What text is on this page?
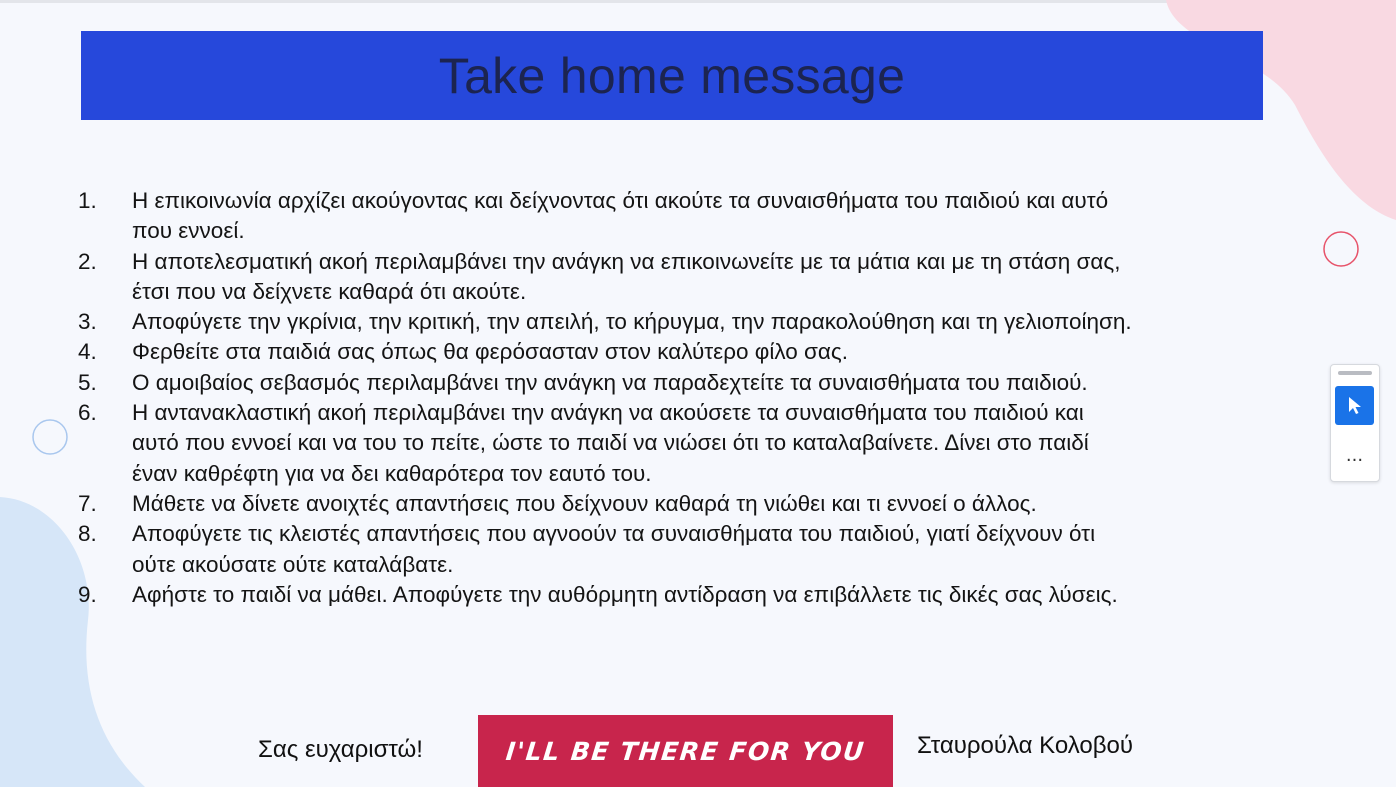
Take home message
1. Η επικοινωνία αρχίζει ακούγοντας και δείχνοντας ότι ακούτε τα συναισθήματα του παιδιού και αυτό
που εννοεί.
2. Η αποτελεσματική ακοή περιλαμβάνει την ανάγκη να επικοινωνείτε με τα μάτια και με τη στάση σας,
έτσι που να δείχνετε καθαρά ότι ακούτε.
3. Αποφύγετε την γκρίνια, την κριτική, την απειλή, το κήρυγμα, την παρακολούθηση και τη γελιοποίηση.
4. Φερθείτε στα παιδιά σας όπως θα φερόσασταν στον καλύτερο φίλο σας.
5. Ο αμοιβαίος σεβασμός περιλαμβάνει την ανάγκη να παραδεχτείτε τα συναισθήματα του παιδιού.
6. Η αντανακλαστική ακοή περιλαμβάνει την ανάγκη να ακούσετε τα συναισθήματα του παιδιού και
αυτό που εννοεί και να του το πείτε, ώστε το παιδί να νιώσει ότι το καταλαβαίνετε. Δίνει στο παιδί
έναν καθρέφτη για να δει καθαρότερα τον εαυτό του.
7. Μάθετε να δίνετε ανοιχτές απαντήσεις που δείχνουν καθαρά τη νιώθει και τι εννοεί ο άλλος.
8. Αποφύγετε τις κλειστές απαντήσεις που αγνοούν τα συναισθήματα του παιδιού, γιατί δείχνουν ότι
ούτε ακούσατε ούτε καταλάβατε.
9. Αφήστε το παιδί να μάθει. Αποφύγετε την αυθόρμητη αντίδραση να επιβάλλετε τις δικές σας λύσεις.
Σας ευχαριστώ!	I'LL BE THERE FOR YOU Σταυρούλα Κολοβού
...
